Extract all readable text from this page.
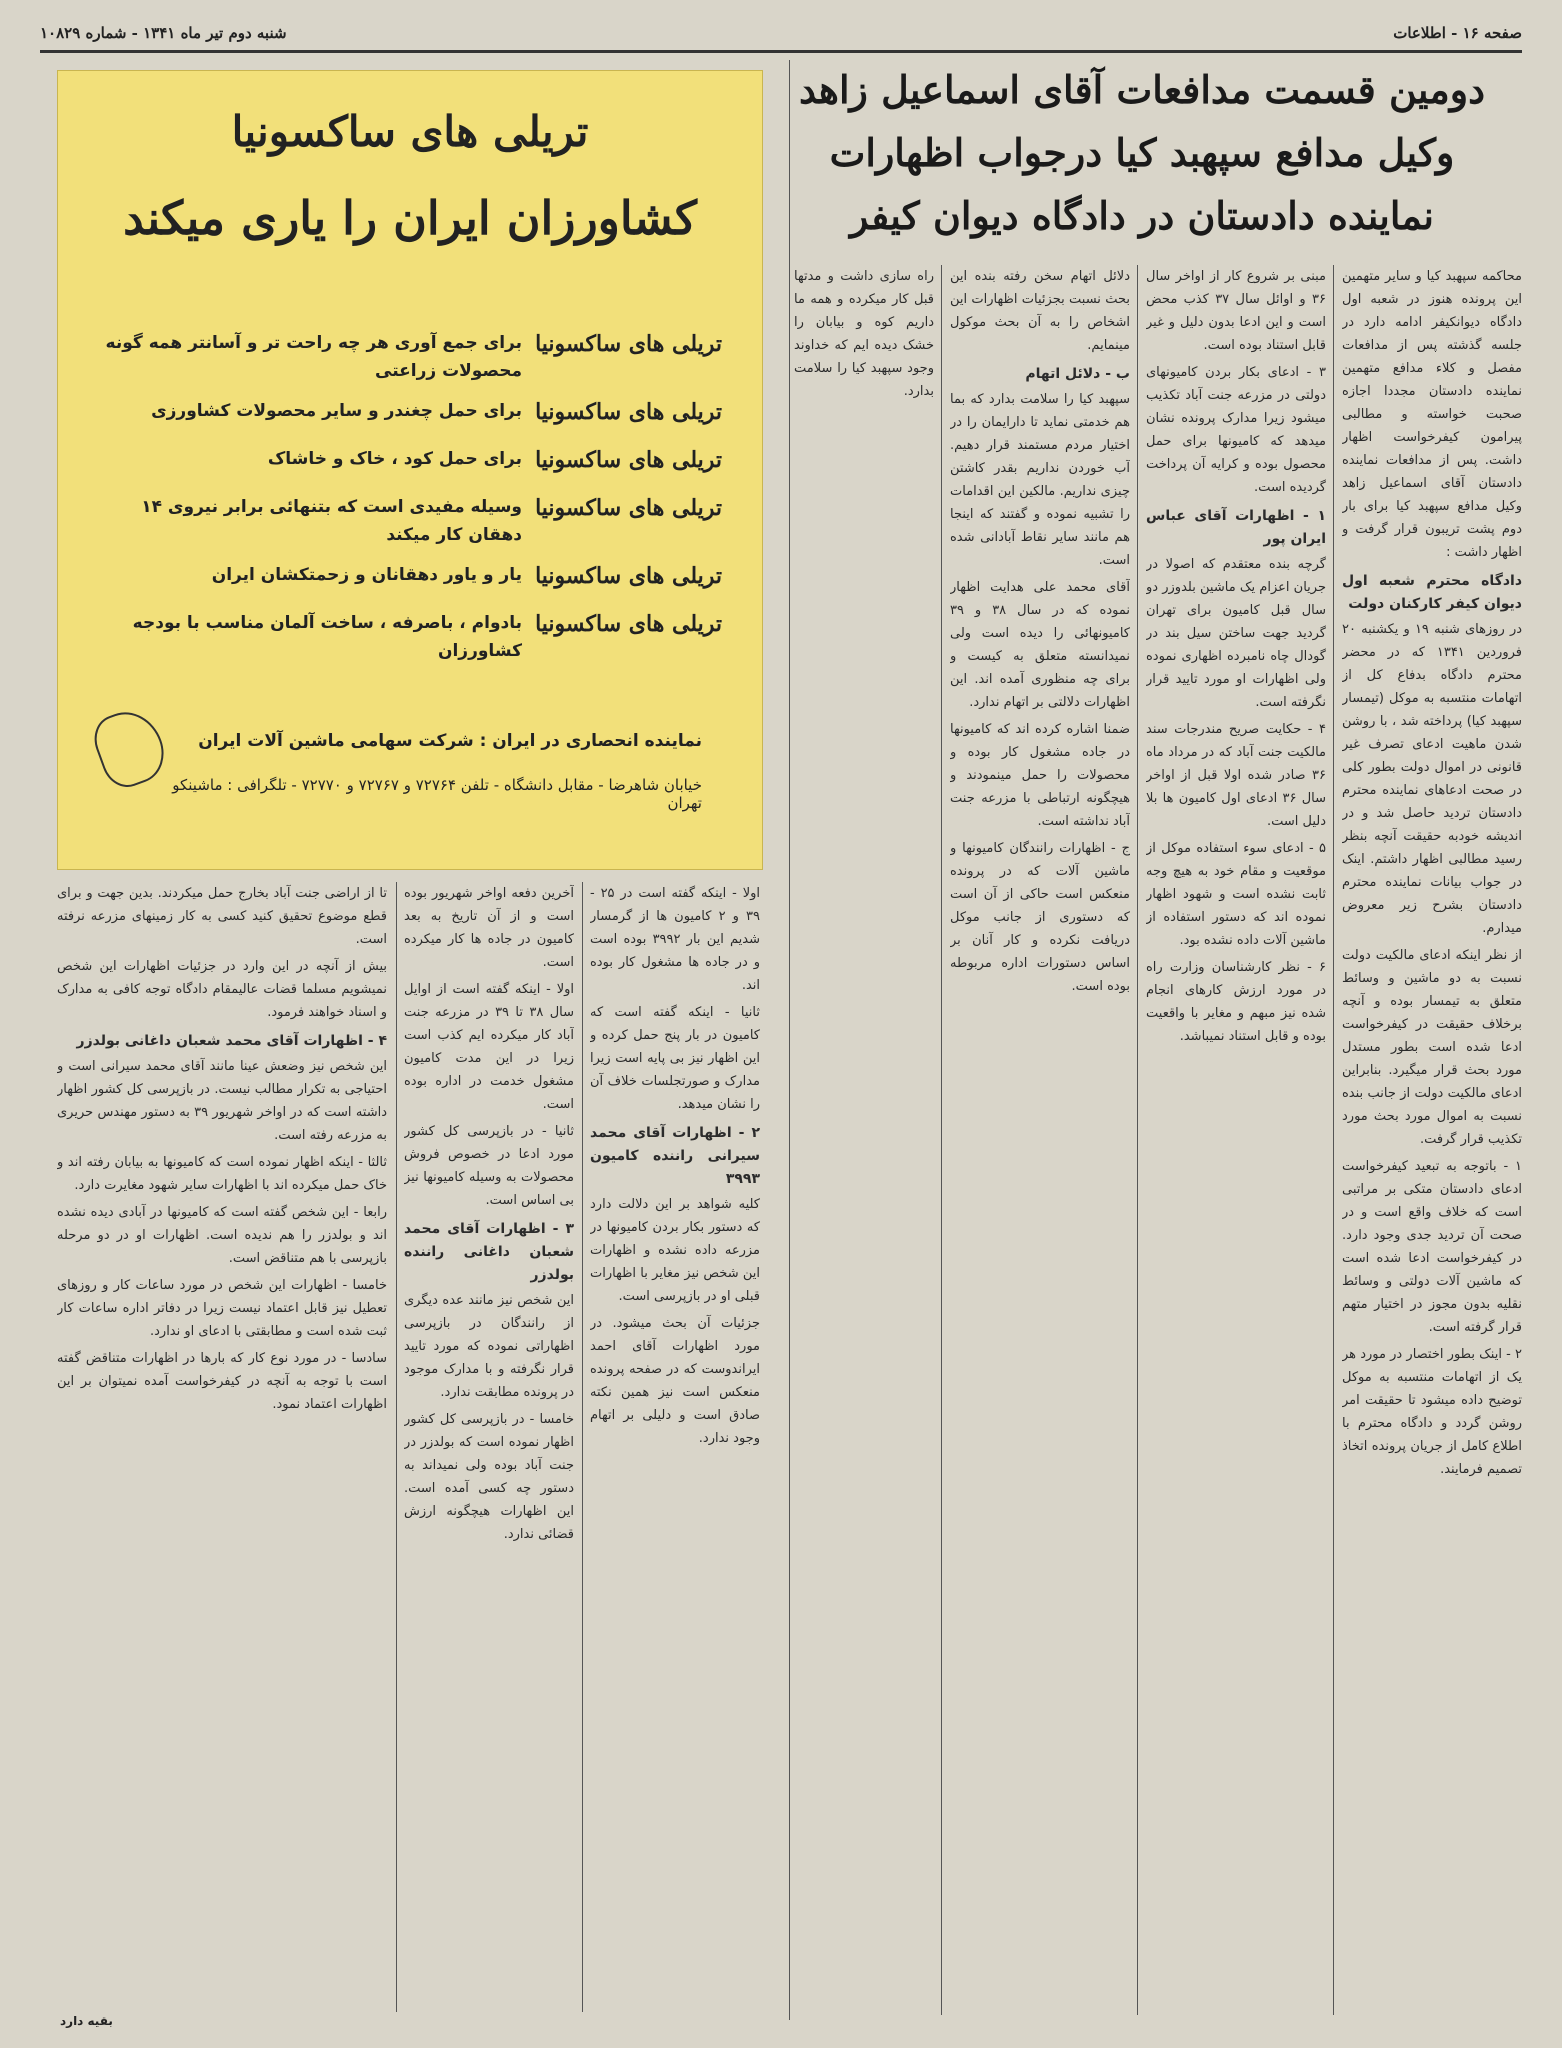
صفحه ۱۶ - اطلاعات
شنبه دوم تیر ماه ۱۳۴۱ - شماره ۱۰۸۲۹
دومین قسمت مدافعات آقای اسماعیل زاهد
وکیل مدافع سپهبد کیا درجواب اظهارات
نماینده دادستان در دادگاه دیوان کیفر
تریلی های ساکسونیا
کشاورزان ایران را یاری میکند
تریلی های ساکسونیا
برای جمع آوری هر چه راحت تر و آسانتر همه گونه محصولات زراعتی
تریلی های ساکسونیا
برای حمل چغندر و سایر محصولات کشاورزی
تریلی های ساکسونیا
برای حمل کود ، خاک و خاشاک
تریلی های ساکسونیا
وسیله مفیدی است که بتنهائی برابر نیروی ۱۴ دهقان کار میکند
تریلی های ساکسونیا
یار و یاور دهقانان و زحمتکشان ایران
تریلی های ساکسونیا
بادوام ، باصرفه ، ساخت آلمان مناسب با بودجه کشاورزان
نماینده انحصاری در ایران : شرکت سهامی ماشین آلات ایران
خیابان شاهرضا - مقابل دانشگاه - تلفن ۷۲۷۶۴ و ۷۲۷۶۷ و ۷۲۷۷۰ - تلگرافی : ماشینکو تهران

محاکمه سپهبد کیا و سایر متهمین این پرونده هنوز در شعبه اول دادگاه دیوانکیفر ادامه دارد در جلسه گذشته پس از مدافعات مفصل و کلاء مدافع متهمین نماینده دادستان مجددا اجازه صحبت خواسته و مطالبی پیرامون کیفرخواست اظهار داشت. پس از مدافعات نماینده دادستان آقای اسماعیل زاهد وکیل مدافع سپهبد کیا برای بار دوم پشت تریبون قرار گرفت و اظهار داشت :

دادگاه محترم شعبه اول دیوان کیفر کارکنان دولت

در روزهای شنبه ۱۹ و یکشنبه ۲۰ فروردین ۱۳۴۱ که در محضر محترم دادگاه بدفاع کل از اتهامات منتسبه به موکل (تیمسار سپهبد کیا) پرداخته شد ، با روشن شدن ماهیت ادعای تصرف غیر قانونی در اموال دولت بطور کلی در صحت ادعاهای نماینده محترم دادستان تردید حاصل شد و در اندیشه خودبه حقیقت آنچه بنظر رسید مطالبی اظهار داشتم. اینک در جواب بیانات نماینده محترم دادستان بشرح زیر معروض میدارم.

از نظر اینکه ادعای مالکیت دولت نسبت به دو ماشین و وسائط متعلق به تیمسار بوده و آنچه برخلاف حقیقت در کیفرخواست ادعا شده است بطور مستدل مورد بحث قرار میگیرد. بنابراین ادعای مالکیت دولت از جانب بنده نسبت به اموال مورد بحث مورد تکذیب قرار گرفت.

۱ - باتوجه به تبعید کیفرخواست ادعای دادستان متکی بر مراتبی است که خلاف واقع است و در صحت آن تردید جدی وجود دارد. در کیفرخواست ادعا شده است که ماشین آلات دولتی و وسائط نقلیه بدون مجوز در اختیار متهم قرار گرفته است.

۲ - اینک بطور اختصار در مورد هر یک از اتهامات منتسبه به موکل توضیح داده میشود تا حقیقت امر روشن گردد و دادگاه محترم با اطلاع کامل از جریان پرونده اتخاذ تصمیم فرمایند.

مبنی بر شروع کار از اواخر سال ۳۶ و اوائل سال ۳۷ کذب محض است و این ادعا بدون دلیل و غیر قابل استناد بوده است.

۳ - ادعای بکار بردن کامیونهای دولتی در مزرعه جنت آباد تکذیب میشود زیرا مدارک پرونده نشان میدهد که کامیونها برای حمل محصول بوده و کرایه آن پرداخت گردیده است.

۱ - اظهارات آقای عباس ایران پور

گرچه بنده معتقدم که اصولا در جریان اعزام یک ماشین بلدوزر دو سال قبل کامیون برای تهران گردید جهت ساختن سیل بند در گودال چاه نامبرده اظهاری نموده ولی اظهارات او مورد تایید قرار نگرفته است.

۴ - حکایت صریح مندرجات سند مالکیت جنت آباد که در مرداد ماه ۳۶ صادر شده اولا قبل از اواخر سال ۳۶ ادعای اول کامیون ها بلا دلیل است.

۵ - ادعای سوء استفاده موکل از موقعیت و مقام خود به هیچ وجه ثابت نشده است و شهود اظهار نموده اند که دستور استفاده از ماشین آلات داده نشده بود.

۶ - نظر کارشناسان وزارت راه در مورد ارزش کارهای انجام شده نیز مبهم و مغایر با واقعیت بوده و قابل استناد نمیباشد.

دلائل اتهام سخن رفته بنده این بحث نسبت بجزئیات اظهارات این اشخاص را به آن بحث موکول مینمایم.

ب - دلائل اتهام

سپهبد کیا را سلامت بدارد که بما هم خدمتی نماید تا دارایمان را در اختیار مردم مستمند قرار دهیم. آب خوردن نداریم بقدر کاشتن چیزی نداریم. مالکین این اقدامات را تشبیه نموده و گفتند که اینجا هم مانند سایر نقاط آبادانی شده است.

آقای محمد علی هدایت اظهار نموده که در سال ۳۸ و ۳۹ کامیونهائی را دیده است ولی نمیدانسته متعلق به کیست و برای چه منظوری آمده اند. این اظهارات دلالتی بر اتهام ندارد.

ضمنا اشاره کرده اند که کامیونها در جاده مشغول کار بوده و محصولات را حمل مینمودند و هیچگونه ارتباطی با مزرعه جنت آباد نداشته است.

ج - اظهارات رانندگان کامیونها و ماشین آلات که در پرونده منعکس است حاکی از آن است که دستوری از جانب موکل دریافت نکرده و کار آنان بر اساس دستورات اداره مربوطه بوده است.

راه سازی داشت و مدتها قبل کار میکرده و همه ما داریم کوه و بیابان را خشک دیده ایم که خداوند وجود سپهبد کیا را سلامت بدارد.

اولا - اینکه گفته است در ۲۵ - ۳۹ و ۲ کامیون ها از گرمسار شدیم این بار ۳۹۹۲ بوده است و در جاده ها مشغول کار بوده اند.

ثانیا - اینکه گفته است که کامیون در بار پنج حمل کرده و این اظهار نیز بی پایه است زیرا مدارک و صورتجلسات خلاف آن را نشان میدهد.

۲ - اظهارات آقای محمد سیرانی راننده کامیون ۳۹۹۳

کلیه شواهد بر این دلالت دارد که دستور بکار بردن کامیونها در مزرعه داده نشده و اظهارات این شخص نیز مغایر با اظهارات قبلی او در بازپرسی است.

جزئیات آن بحث میشود. در مورد اظهارات آقای احمد ایراندوست که در صفحه پرونده منعکس است نیز همین نکته صادق است و دلیلی بر اتهام وجود ندارد.

آخرین دفعه اواخر شهریور بوده است و از آن تاریخ به بعد کامیون در جاده ها کار میکرده است.

اولا - اینکه گفته است از اوایل سال ۳۸ تا ۳۹ در مزرعه جنت آباد کار میکرده ایم کذب است زیرا در این مدت کامیون مشغول خدمت در اداره بوده است.

ثانیا - در بازپرسی کل کشور مورد ادعا در خصوص فروش محصولات به وسیله کامیونها نیز بی اساس است.

۳ - اظهارات آقای محمد شعبان داغانی راننده بولدزر

این شخص نیز مانند عده دیگری از رانندگان در بازپرسی اظهاراتی نموده که مورد تایید قرار نگرفته و با مدارک موجود در پرونده مطابقت ندارد.

خامسا - در بازپرسی کل کشور اظهار نموده است که بولدزر در جنت آباد بوده ولی نمیداند به دستور چه کسی آمده است. این اظهارات هیچگونه ارزش قضائی ندارد.

تا از اراضی جنت آباد بخارج حمل میکردند. بدین جهت و برای قطع موضوع تحقیق کنید کسی به کار زمینهای مزرعه نرفته است.

بیش از آنچه در این وارد در جزئیات اظهارات این شخص نمیشویم مسلما قضات عالیمقام دادگاه توجه کافی به مدارک و اسناد خواهند فرمود.

۴ - اظهارات آقای محمد شعبان داغانی بولدزر

این شخص نیز وضعش عینا مانند آقای محمد سیرانی است و احتیاجی به تکرار مطالب نیست. در بازپرسی کل کشور اظهار داشته است که در اواخر شهریور ۳۹ به دستور مهندس حریری به مزرعه رفته است.

ثالثا - اینکه اظهار نموده است که کامیونها به بیابان رفته اند و خاک حمل میکرده اند با اظهارات سایر شهود مغایرت دارد.

رابعا - این شخص گفته است که کامیونها در آبادی دیده نشده اند و بولدزر را هم ندیده است. اظهارات او در دو مرحله بازپرسی با هم متناقض است.

خامسا - اظهارات این شخص در مورد ساعات کار و روزهای تعطیل نیز قابل اعتماد نیست زیرا در دفاتر اداره ساعات کار ثبت شده است و مطابقتی با ادعای او ندارد.

سادسا - در مورد نوع کار که بارها در اظهارات متناقض گفته است با توجه به آنچه در کیفرخواست آمده نمیتوان بر این اظهارات اعتماد نمود.

بقیه دارد
